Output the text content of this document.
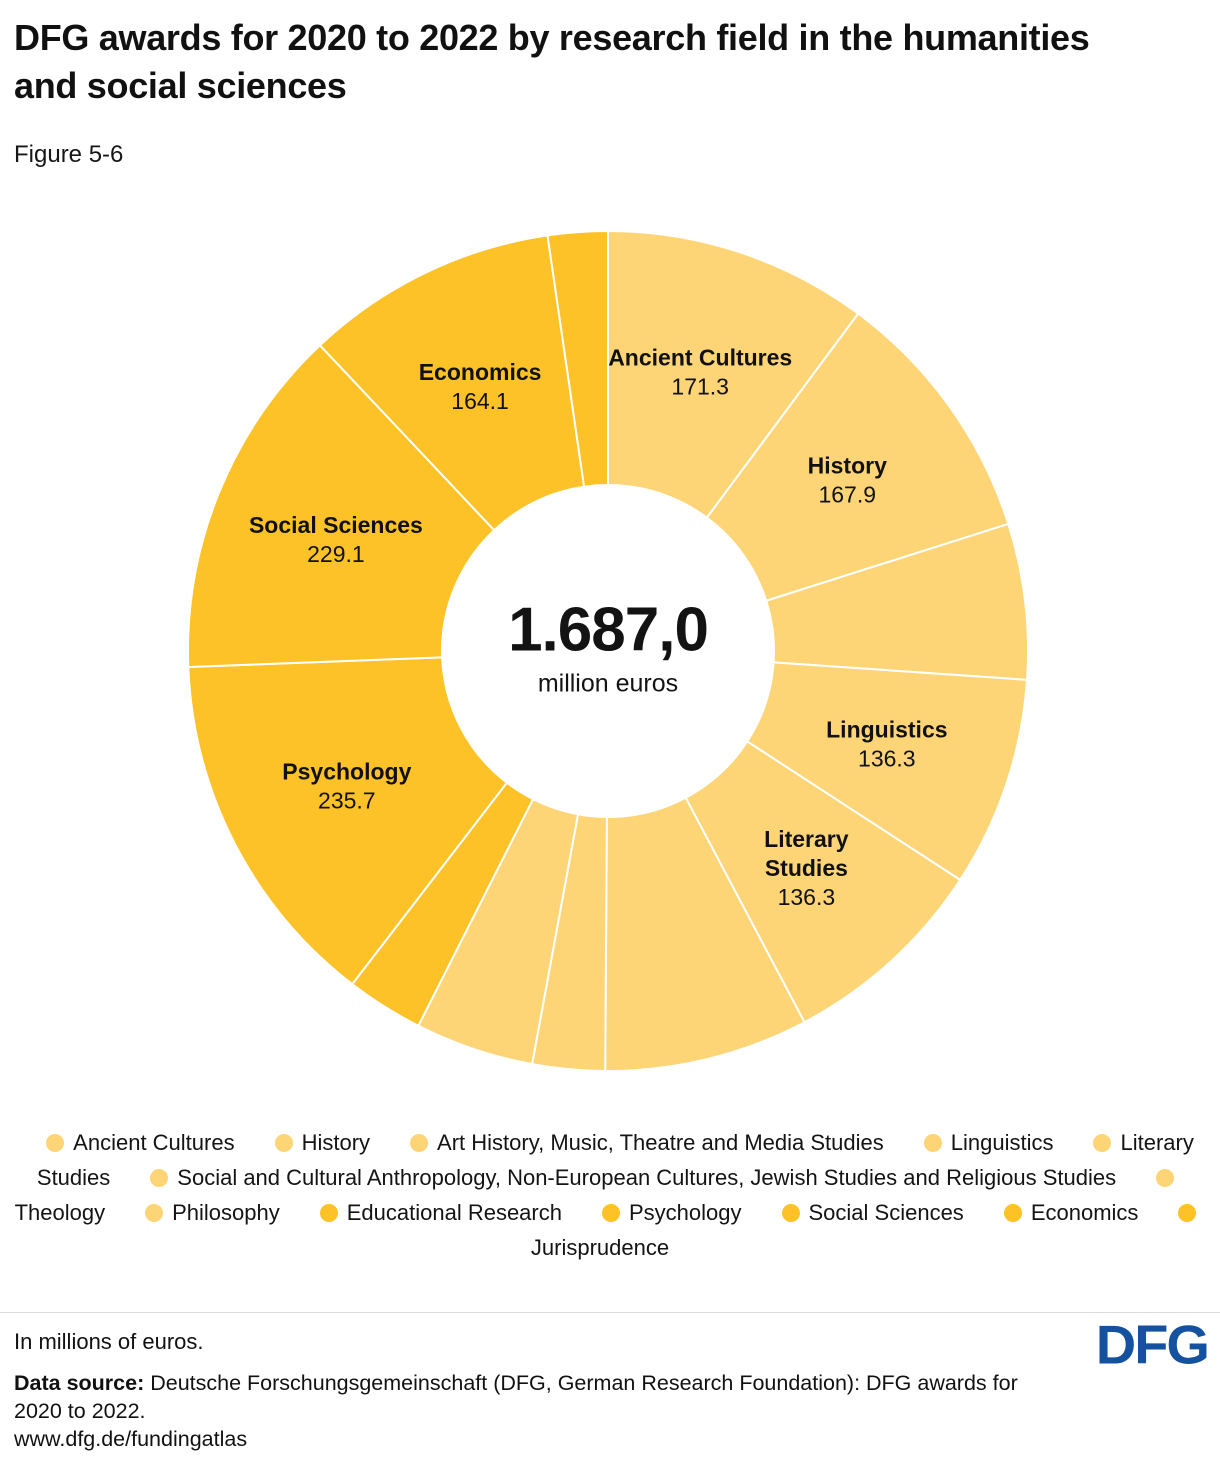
Ancient Cultures 171.3
History 167.9
Linguistics 136.3
Literary Studies 136.3
Psychology 235.7
Social Sciences 229.1
Economics 164.1
1.687,0
million euros
DFG awards for 2020 to 2022 by research field in the humanities and social sciences
Figure 5-6
Ancient Cultures	History	Art History, Music, Theatre and Media Studies	Linguistics	Literary Studies	Social and Cultural Anthropology, Non-European Cultures, Jewish Studies and Religious StudiesTheology	Philosophy	Educational Research	Psychology	Social Sciences	EconomicsJurisprudence
In millions of euros.

Data source: Deutsche Forschungsgemeinschaft (DFG, German Research Foundation): DFG awards for 2020 to 2022.

www.dfg.de/fundingatlas

DFG
